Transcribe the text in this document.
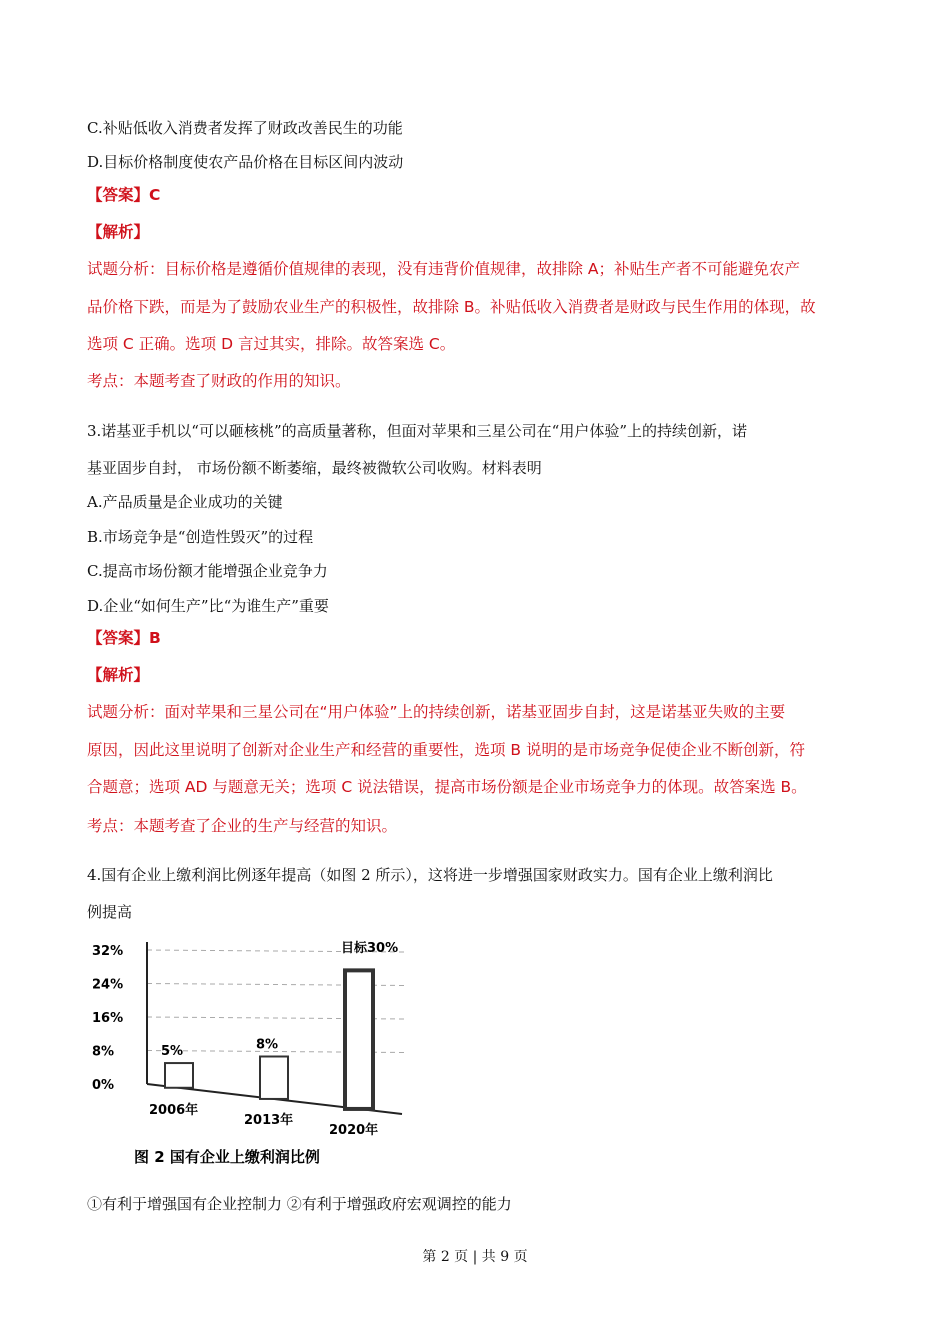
C.补贴低收入消费者发挥了财政改善民生的功能
D.目标价格制度使农产品价格在目标区间内波动
【答案】C
【解析】
试题分析：目标价格是遵循价值规律的表现，没有违背价值规律，故排除 A；补贴生产者不可能避免农产
品价格下跌，而是为了鼓励农业生产的积极性，故排除 B。补贴低收入消费者是财政与民生作用的体现，故
选项 C 正确。选项 D 言过其实，排除。故答案选 C。
考点：本题考查了财政的作用的知识。
3.诺基亚手机以“可以砸核桃”的高质量著称，但面对苹果和三星公司在“用户体验”上的持续创新，诺
基亚固步自封， 市场份额不断萎缩，最终被微软公司收购。材料表明
A.产品质量是企业成功的关键
B.市场竞争是“创造性毁灭”的过程
C.提高市场份额才能增强企业竞争力
D.企业“如何生产”比“为谁生产”重要
【答案】B
【解析】
试题分析：面对苹果和三星公司在“用户体验”上的持续创新，诺基亚固步自封，这是诺基亚失败的主要
原因，因此这里说明了创新对企业生产和经营的重要性，选项 B 说明的是市场竞争促使企业不断创新，符
合题意；选项 AD 与题意无关；选项 C 说法错误，提高市场份额是企业市场竞争力的体现。故答案选 B。
考点：本题考查了企业的生产与经营的知识。
4.国有企业上缴利润比例逐年提高（如图 2 所示），这将进一步增强国家财政实力。国有企业上缴利润比
例提高
0%
8%
16%
24%
32%
5%
2006年
8%
2013年
目标30%
2020年
图 2 国有企业上缴利润比例
①有利于增强国有企业控制力 ②有利于增强政府宏观调控的能力
第 2 页 | 共 9 页
